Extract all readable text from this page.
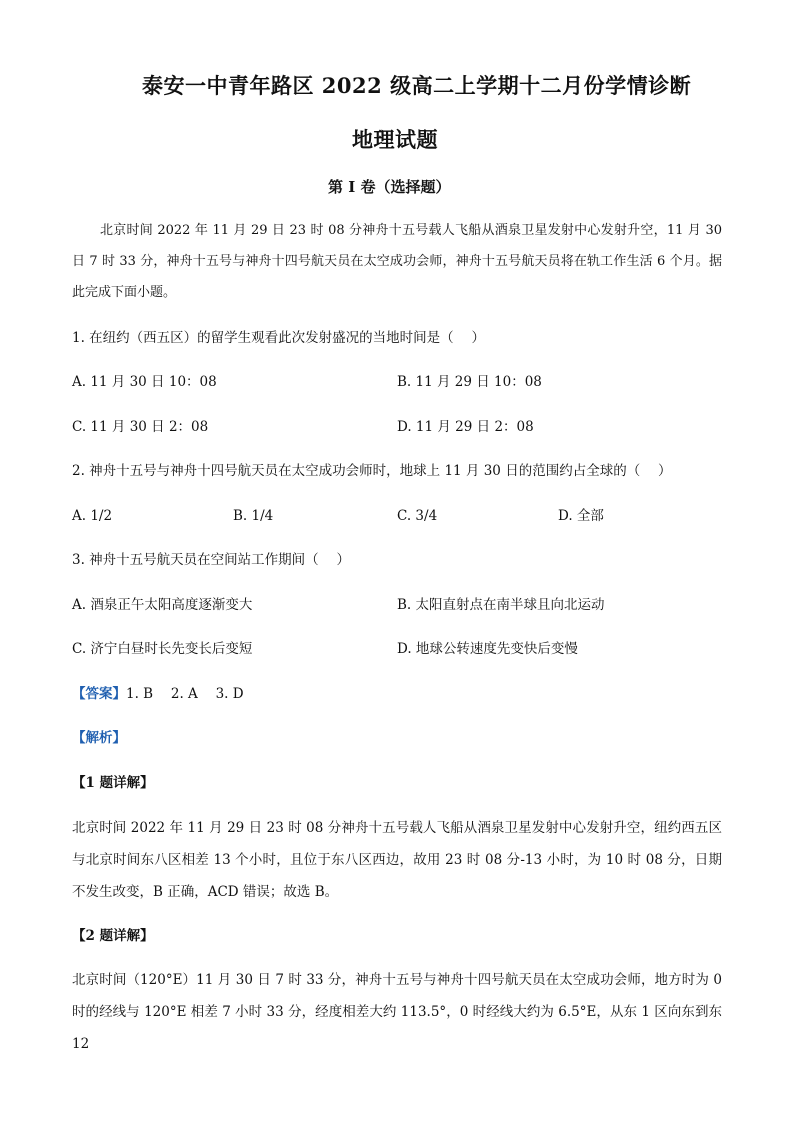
泰安一中青年路区 2022 级高二上学期十二月份学情诊断
地理试题
第 I 卷（选择题）
北京时间 2022 年 11 月 29 日 23 时 08 分神舟十五号载人飞船从酒泉卫星发射中心发射升空，11 月 30 日 7 时 33 分，神舟十五号与神舟十四号航天员在太空成功会师，神舟十五号航天员将在轨工作生活 6 个月。据此完成下面小题。
1. 在纽约（西五区）的留学生观看此次发射盛况的当地时间是（　 ）
A. 11 月 30 日 10：08	B. 11 月 29 日 10：08
C. 11 月 30 日 2：08	D. 11 月 29 日 2：08
2. 神舟十五号与神舟十四号航天员在太空成功会师时，地球上 11 月 30 日的范围约占全球的（　 ）
A. 1/2	B. 1/4	C. 3/4	D. 全部
3. 神舟十五号航天员在空间站工作期间（　 ）
A. 酒泉正午太阳高度逐渐变大	B. 太阳直射点在南半球且向北运动
C. 济宁白昼时长先变长后变短	D. 地球公转速度先变快后变慢
【答案】1. B　 2. A　 3. D
【解析】
【1 题详解】
北京时间 2022 年 11 月 29 日 23 时 08 分神舟十五号载人飞船从酒泉卫星发射中心发射升空，纽约西五区与北京时间东八区相差 13 个小时，且位于东八区西边，故用 23 时 08 分-13 小时，为 10 时 08 分，日期不发生改变，B 正确，ACD 错误；故选 B。
【2 题详解】
北京时间（120°E）11 月 30 日 7 时 33 分，神舟十五号与神舟十四号航天员在太空成功会师，地方时为 0 时的经线与 120°E 相差 7 小时 33 分，经度相差大约 113.5°，0 时经线大约为 6.5°E，从东 1 区向东到东 12
